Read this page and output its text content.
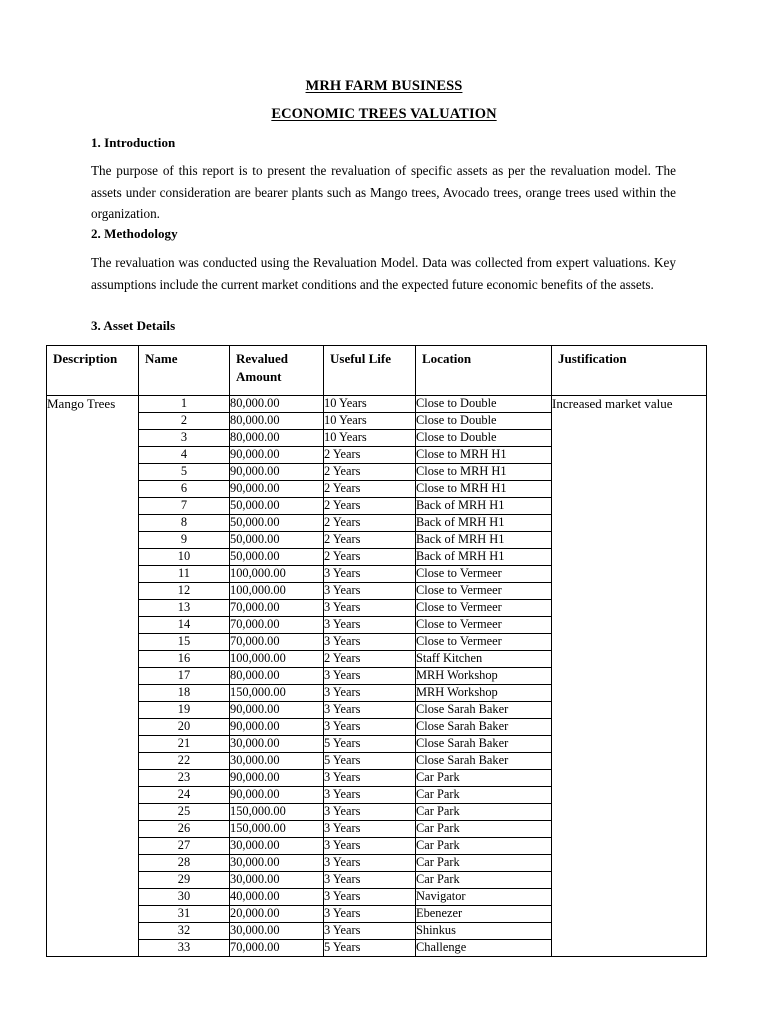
MRH FARM BUSINESS
ECONOMIC TREES VALUATION
1. Introduction
The purpose of this report is to present the revaluation of specific assets as per the revaluation model. The assets under consideration are bearer plants such as Mango trees, Avocado trees, orange trees used within the organization.
2. Methodology
The revaluation was conducted using the Revaluation Model. Data was collected from expert valuations. Key assumptions include the current market conditions and the expected future economic benefits of the assets.
3. Asset Details
Description	Name	Revalued Amount	Useful Life	Location	Justification
Mango Trees	1	80,000.00	10 Years	Close to Double	Increased market value
	2	80,000.00	10 Years	Close to Double	
	3	80,000.00	10 Years	Close to Double	
	4	90,000.00	2 Years	Close to MRH H1	
	5	90,000.00	2 Years	Close to MRH H1	
	6	90,000.00	2 Years	Close to MRH H1	
	7	50,000.00	2 Years	Back of MRH H1	
	8	50,000.00	2 Years	Back of MRH H1	
	9	50,000.00	2 Years	Back of MRH H1	
	10	50,000.00	2 Years	Back of MRH H1	
	11	100,000.00	3 Years	Close to Vermeer	
	12	100,000.00	3 Years	Close to Vermeer	
	13	70,000.00	3 Years	Close to Vermeer	
	14	70,000.00	3 Years	Close to Vermeer	
	15	70,000.00	3 Years	Close to Vermeer	
	16	100,000.00	2 Years	Staff Kitchen	
	17	80,000.00	3 Years	MRH Workshop	
	18	150,000.00	3 Years	MRH Workshop	
	19	90,000.00	3 Years	Close Sarah Baker	
	20	90,000.00	3 Years	Close Sarah Baker	
	21	30,000.00	5 Years	Close Sarah Baker	
	22	30,000.00	5 Years	Close Sarah Baker	
	23	90,000.00	3 Years	Car Park	
	24	90,000.00	3 Years	Car Park	
	25	150,000.00	3 Years	Car Park	
	26	150,000.00	3 Years	Car Park	
	27	30,000.00	3 Years	Car Park	
	28	30,000.00	3 Years	Car Park	
	29	30,000.00	3 Years	Car Park	
	30	40,000.00	3 Years	Navigator	
	31	20,000.00	3 Years	Ebenezer	
	32	30,000.00	3 Years	Shinkus	
	33	70,000.00	5 Years	Challenge	
